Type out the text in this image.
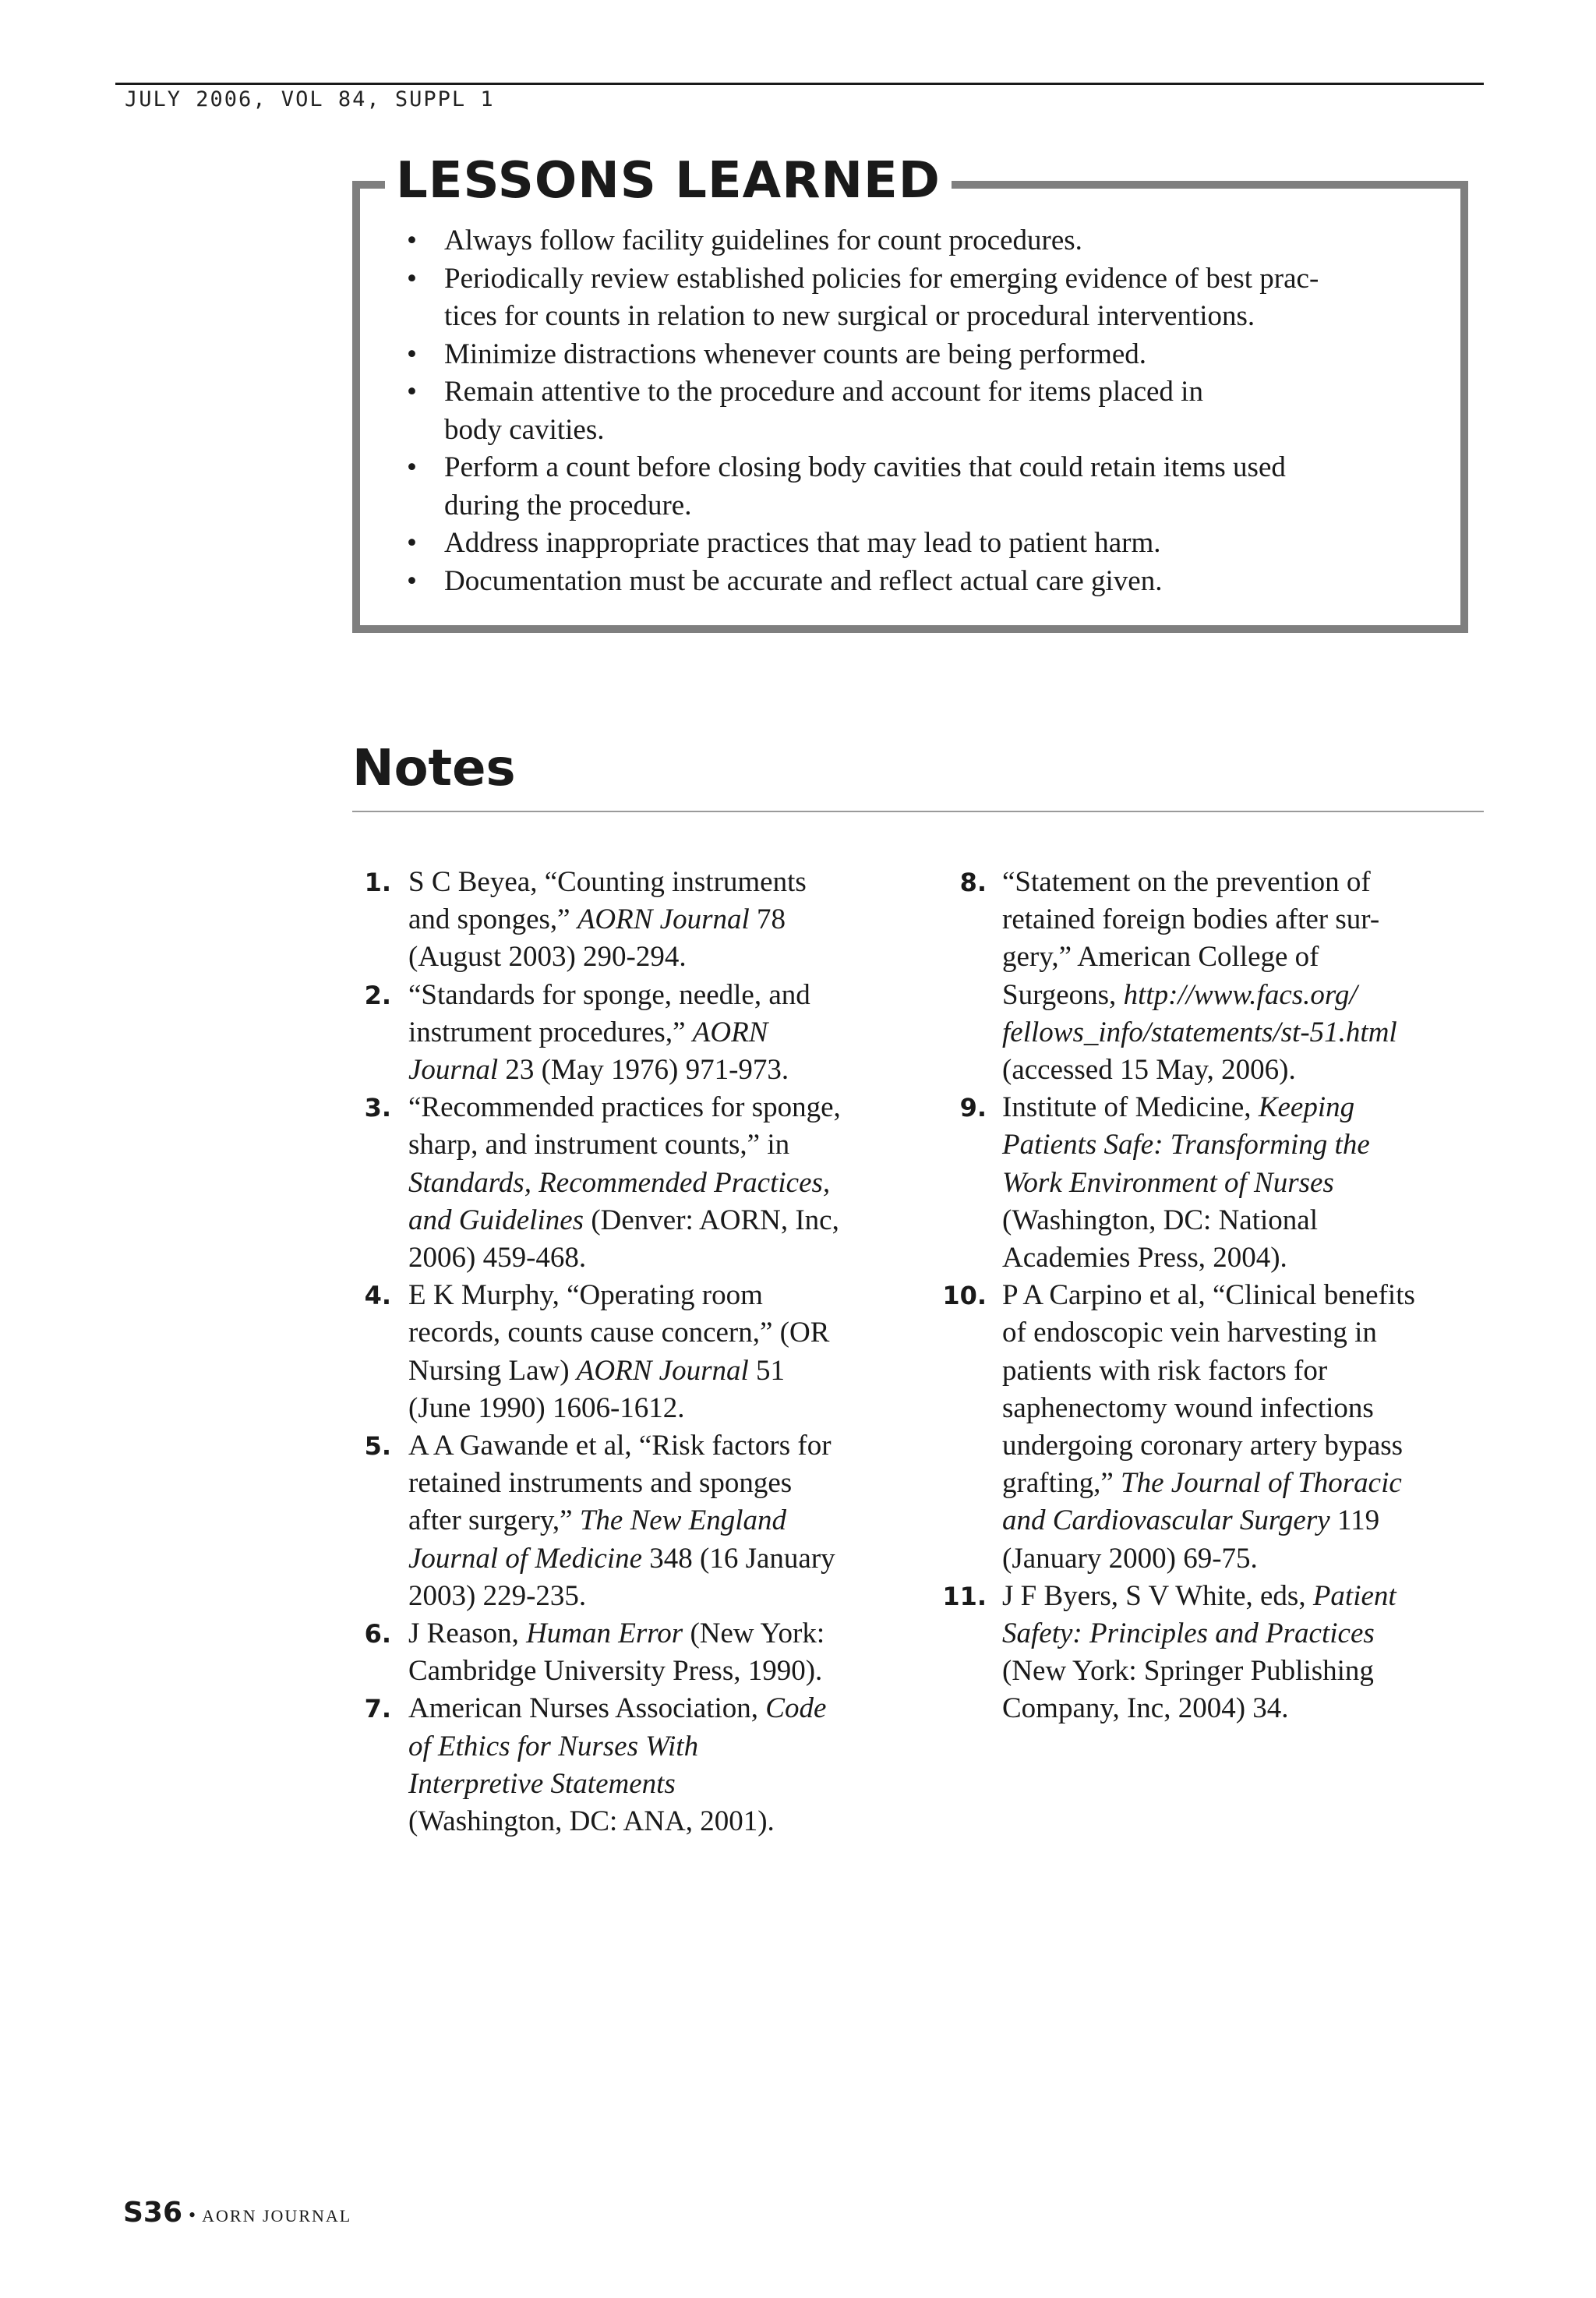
JULY 2006, VOL 84, SUPPL 1
LESSONS LEARNED
• Always follow facility guidelines for count procedures.
• Periodically review established policies for emerging evidence of best prac-
tices for counts in relation to new surgical or procedural interventions.
• Minimize distractions whenever counts are being performed.
• Remain attentive to the procedure and account for items placed in
body cavities.
• Perform a count before closing body cavities that could retain items used
during the procedure.
• Address inappropriate practices that may lead to patient harm.
• Documentation must be accurate and reflect actual care given.
Notes
1. S C Beyea, “Counting instruments
and sponges,” AORN Journal 78
(August 2003) 290-294.
2. “Standards for sponge, needle, and
instrument procedures,” AORN
Journal 23 (May 1976) 971-973.
3. “Recommended practices for sponge,
sharp, and instrument counts,” in
Standards, Recommended Practices,
and Guidelines (Denver: AORN, Inc,
2006) 459-468.
4. E K Murphy, “Operating room
records, counts cause concern,” (OR
Nursing Law) AORN Journal 51
(June 1990) 1606-1612.
5. A A Gawande et al, “Risk factors for
retained instruments and sponges
after surgery,” The New England
Journal of Medicine 348 (16 January
2003) 229-235.
6. J Reason, Human Error (New York:
Cambridge University Press, 1990).
7. American Nurses Association, Code
of Ethics for Nurses With
Interpretive Statements
(Washington, DC: ANA, 2001).
8. “Statement on the prevention of
retained foreign bodies after sur-
gery,” American College of
Surgeons, http://www.facs.org/
fellows_info/statements/st-51.html
(accessed 15 May, 2006).
9. Institute of Medicine, Keeping
Patients Safe: Transforming the
Work Environment of Nurses
(Washington, DC: National
Academies Press, 2004).
10. P A Carpino et al, “Clinical benefits
of endoscopic vein harvesting in
patients with risk factors for
saphenectomy wound infections
undergoing coronary artery bypass
grafting,” The Journal of Thoracic
and Cardiovascular Surgery 119
(January 2000) 69-75.
11. J F Byers, S V White, eds, Patient
Safety: Principles and Practices
(New York: Springer Publishing
Company, Inc, 2004) 34.
S36 • AORN JOURNAL
